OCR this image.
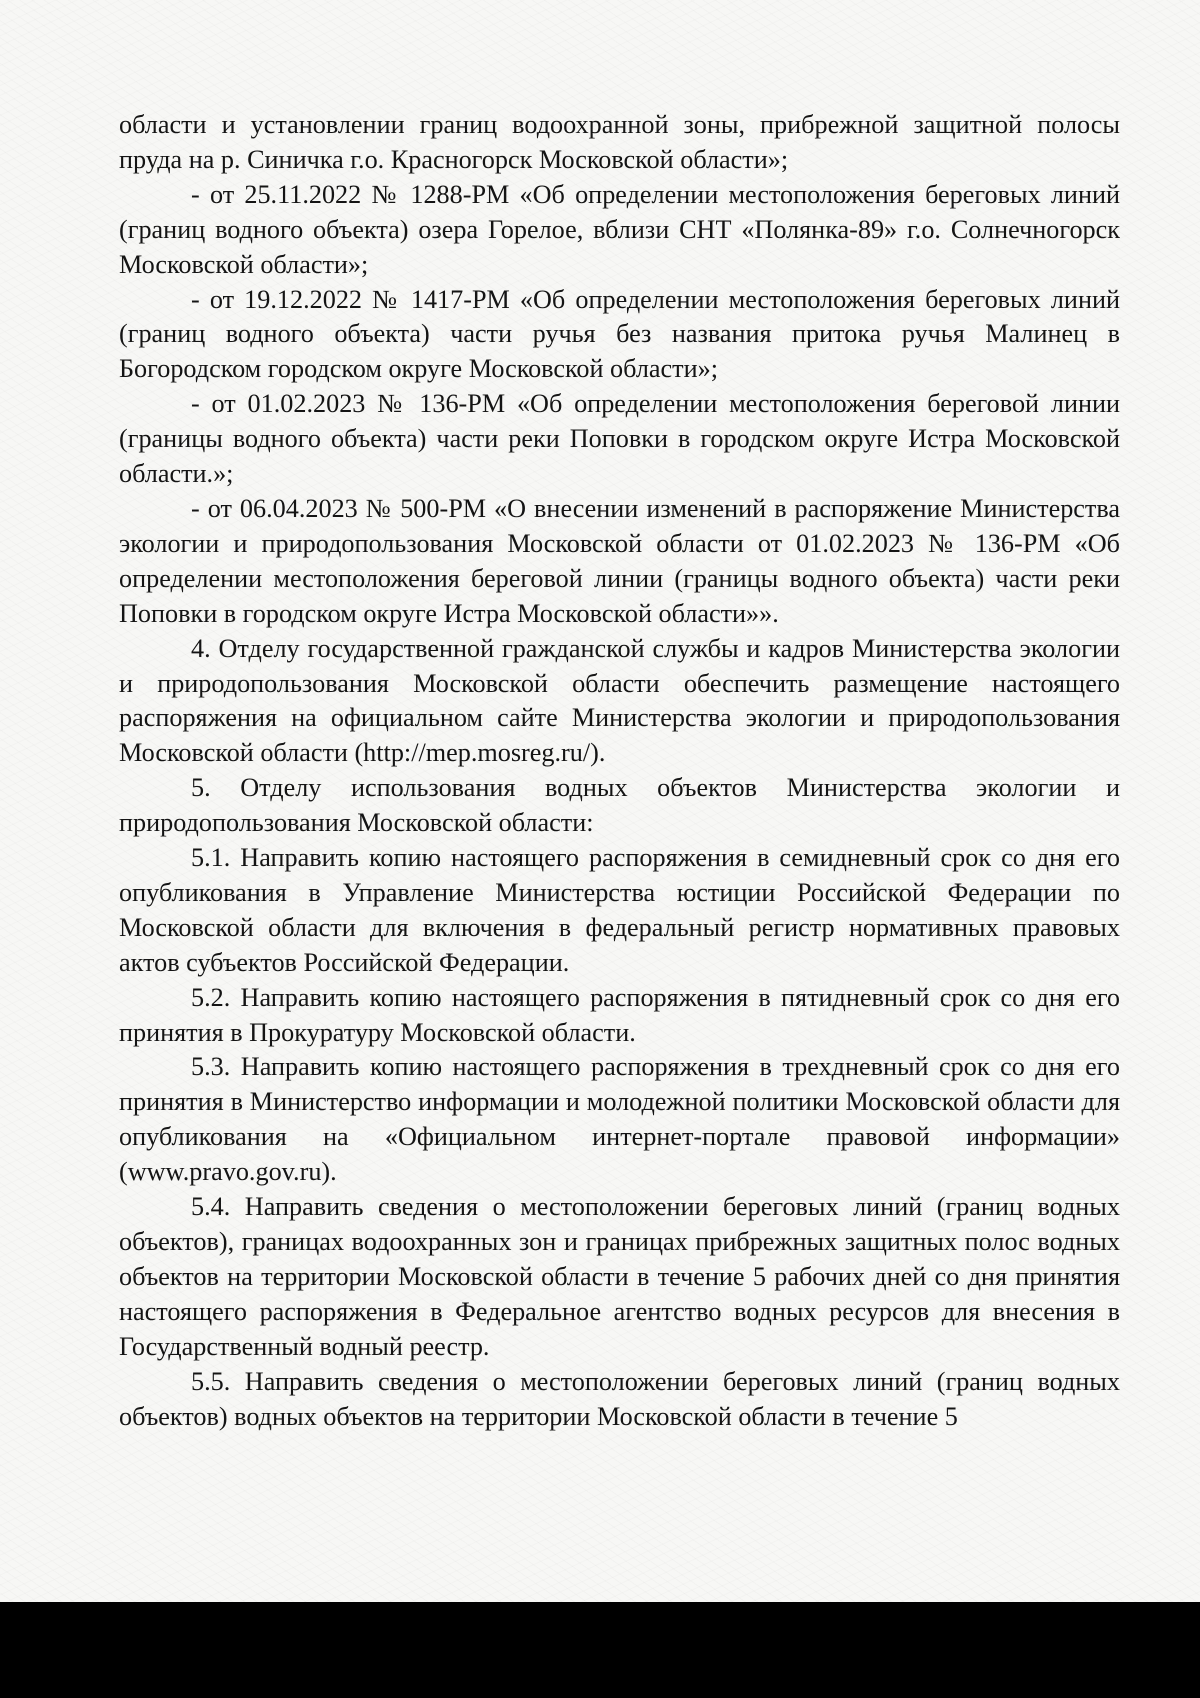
области и установлении границ водоохранной зоны, прибрежной защитной полосы пруда на р. Синичка г.о. Красногорск Московской области»;

- от 25.11.2022 № 1288-РМ «Об определении местоположения береговых линий (границ водного объекта) озера Горелое, вблизи СНТ «Полянка-89» г.о. Солнечногорск Московской области»;

- от 19.12.2022 № 1417-РМ «Об определении местоположения береговых линий (границ водного объекта) части ручья без названия притока ручья Малинец в Богородском городском округе Московской области»;

- от 01.02.2023 № 136-РМ «Об определении местоположения береговой линии (границы водного объекта) части реки Поповки в городском округе Истра Московской области.»;

- от 06.04.2023 № 500-РМ «О внесении изменений в распоряжение Министерства экологии и природопользования Московской области от 01.02.2023 № 136-РМ «Об определении местоположения береговой линии (границы водного объекта) части реки Поповки в городском округе Истра Московской области»».

4. Отделу государственной гражданской службы и кадров Министерства экологии и природопользования Московской области обеспечить размещение настоящего распоряжения на официальном сайте Министерства экологии и природопользования Московской области (http://mep.mosreg.ru/).

5. Отделу использования водных объектов Министерства экологии и природопользования Московской области:

5.1. Направить копию настоящего распоряжения в семидневный срок со дня его опубликования в Управление Министерства юстиции Российской Федерации по Московской области для включения в федеральный регистр нормативных правовых актов субъектов Российской Федерации.

5.2. Направить копию настоящего распоряжения в пятидневный срок со дня его принятия в Прокуратуру Московской области.

5.3. Направить копию настоящего распоряжения в трехдневный срок со дня его принятия в Министерство информации и молодежной политики Московской области для опубликования на «Официальном интернет-портале правовой информации» (www.pravo.gov.ru).

5.4. Направить сведения о местоположении береговых линий (границ водных объектов), границах водоохранных зон и границах прибрежных защитных полос водных объектов на территории Московской области в течение 5 рабочих дней со дня принятия настоящего распоряжения в Федеральное агентство водных ресурсов для внесения в Государственный водный реестр.

5.5. Направить сведения о местоположении береговых линий (границ водных объектов) водных объектов на территории Московской области в течение 5
